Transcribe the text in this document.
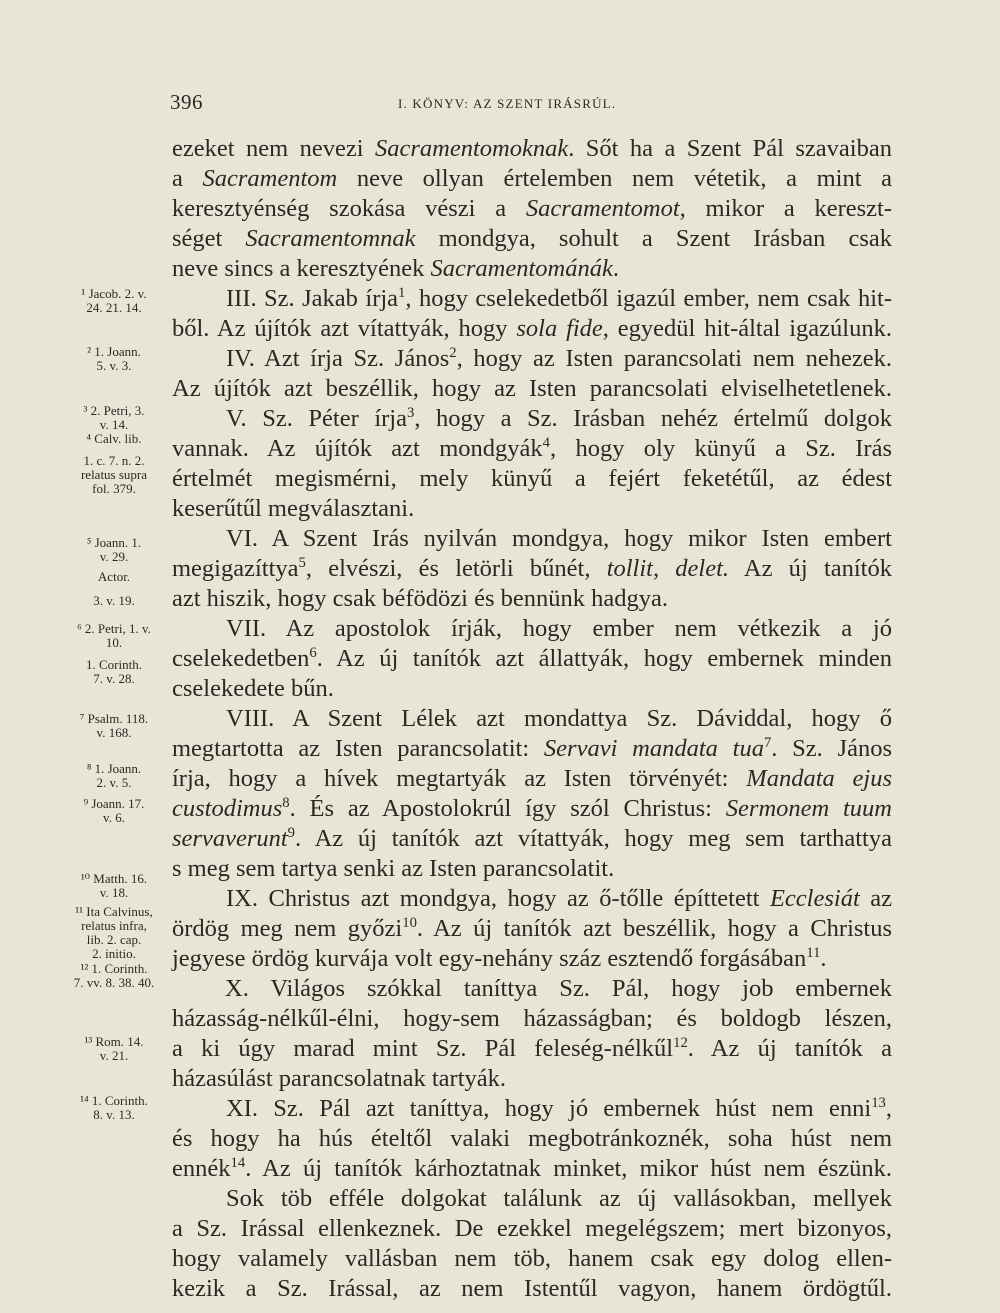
396	I. KÖNYV: AZ SZENT IRÁSRÚL.
ezeket nem nevezi Sacramentomoknak. Sőt ha a Szent Pál szavaiban
a Sacramentom neve ollyan értelemben nem vétetik, a mint a
keresztyénség szokása vészi a Sacramentomot, mikor a kereszt-
séget Sacramentomnak mondgya, sohult a Szent Irásban csak
neve sincs a keresztyének Sacramentománák.
III. Sz. Jakab írja$^1$, hogy cselekedetből igazúl ember, nem csak hit-
ből. Az újítók azt vítattyák, hogy sola fide, egyedül hit-által igazúlunk.
IV. Azt írja Sz. János$^2$, hogy az Isten parancsolati nem nehezek.
Az újítók azt beszéllik, hogy az Isten parancsolati elviselhetetlenek.
V. Sz. Péter írja$^3$, hogy a Sz. Irásban nehéz értelmű dolgok
vannak. Az újítók azt mondgyák$^4$, hogy oly künyű a Sz. Irás
értelmét megismérni, mely künyű a fejért feketétűl, az édest
keserűtűl megválasztani.
VI. A Szent Irás nyilván mondgya, hogy mikor Isten embert
megigazíttya$^5$, elvészi, és letörli bűnét, tollit, delet. Az új tanítók
azt hiszik, hogy csak béfödözi és bennünk hadgya.
VII. Az apostolok írják, hogy ember nem vétkezik a jó
cselekedetben$^6$. Az új tanítók azt állattyák, hogy embernek minden
cselekedete bűn.
VIII. A Szent Lélek azt mondattya Sz. Dáviddal, hogy ő
megtartotta az Isten parancsolatit: Servavi mandata tua$^7$. Sz. János
írja, hogy a hívek megtartyák az Isten törvényét: Mandata ejus
custodimus$^8$. És az Apostolokrúl így szól Christus: Sermonem tuum
servaverunt$^9$. Az új tanítók azt vítattyák, hogy meg sem tarthattya
s meg sem tartya senki az Isten parancsolatit.
IX. Christus azt mondgya, hogy az ő-tőlle építtetett Ecclesiát az
ördög meg nem győzi$^{10}$. Az új tanítók azt beszéllik, hogy a Christus
jegyese ördög kurvája volt egy-nehány száz esztendő forgásában$^{11}$.
X. Világos szókkal taníttya Sz. Pál, hogy job embernek
házasság-nélkűl-élni, hogy-sem házasságban; és boldogb lészen,
a ki úgy marad mint Sz. Pál feleség-nélkűl$^{12}$. Az új tanítók a
házasúlást parancsolatnak tartyák.
XI. Sz. Pál azt taníttya, hogy jó embernek húst nem enni$^{13}$,
és hogy ha hús ételtől valaki megbotránkoznék, soha húst nem
ennék$^{14}$. Az új tanítók kárhoztatnak minket, mikor húst nem észünk.
Sok töb efféle dolgokat találunk az új vallásokban, mellyek
a Sz. Irással ellenkeznek. De ezekkel megelégszem; mert bizonyos,
hogy valamely vallásban nem töb, hanem csak egy dolog ellen-
kezik a Sz. Irással, az nem Istentűl vagyon, hanem ördögtűl.
¹ Jacob. 2. v.
24. 21. 14.
² 1. Joann.
5. v. 3.
³ 2. Petri, 3.
v. 14.
⁴ Calv. lib.
1. c. 7. n. 2.
relatus supra
fol. 379.
⁵ Joann. 1.
v. 29.
Actor.
3. v. 19.
⁶ 2. Petri, 1. v.
10.
1. Corinth.
7. v. 28.
⁷ Psalm. 118.
v. 168.
⁸ 1. Joann.
2. v. 5.
⁹ Joann. 17.
v. 6.
¹⁰ Matth. 16.
v. 18.
¹¹ Ita Calvinus,
relatus infra,
lib. 2. cap.
2. initio.
¹² 1. Corinth.
7. vv. 8. 38. 40.
¹³ Rom. 14.
v. 21.
¹⁴ 1. Corinth.
8. v. 13.
